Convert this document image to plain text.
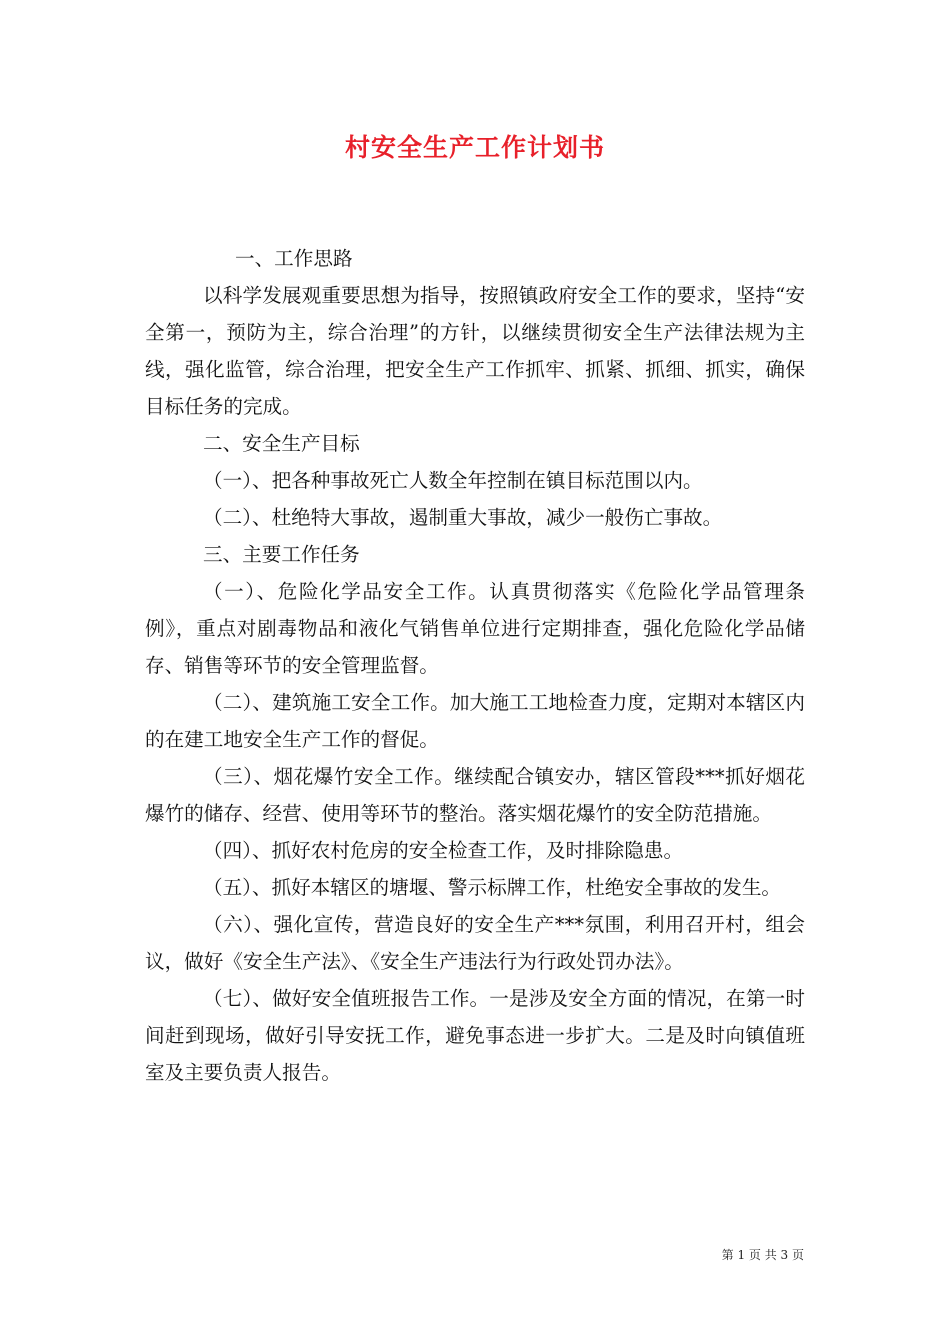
村安全生产工作计划书

一、工作思路

以科学发展观重要思想为指导，按照镇政府安全工作的要求，坚持“安全第一，预防为主，综合治理”的方针，以继续贯彻安全生产法律法规为主线，强化监管，综合治理，把安全生产工作抓牢、抓紧、抓细、抓实，确保目标任务的完成。

二、安全生产目标

（一）、把各种事故死亡人数全年控制在镇目标范围以内。

（二）、杜绝特大事故，遏制重大事故，减少一般伤亡事故。

三、主要工作任务

（一）、危险化学品安全工作。认真贯彻落实《危险化学品管理条例》，重点对剧毒物品和液化气销售单位进行定期排查，强化危险化学品储存、销售等环节的安全管理监督。

（二）、建筑施工安全工作。加大施工工地检查力度，定期对本辖区内的在建工地安全生产工作的督促。

（三）、烟花爆竹安全工作。继续配合镇安办，辖区管段***抓好烟花爆竹的储存、经营、使用等环节的整治。落实烟花爆竹的安全防范措施。

（四）、抓好农村危房的安全检查工作，及时排除隐患。

（五）、抓好本辖区的塘堰、警示标牌工作，杜绝安全事故的发生。

（六）、强化宣传，营造良好的安全生产***氛围，利用召开村，组会议，做好《安全生产法》、《安全生产违法行为行政处罚办法》。

（七）、做好安全值班报告工作。一是涉及安全方面的情况，在第一时间赶到现场，做好引导安抚工作，避免事态进一步扩大。二是及时向镇值班室及主要负责人报告。

第 1 页 共 3 页
